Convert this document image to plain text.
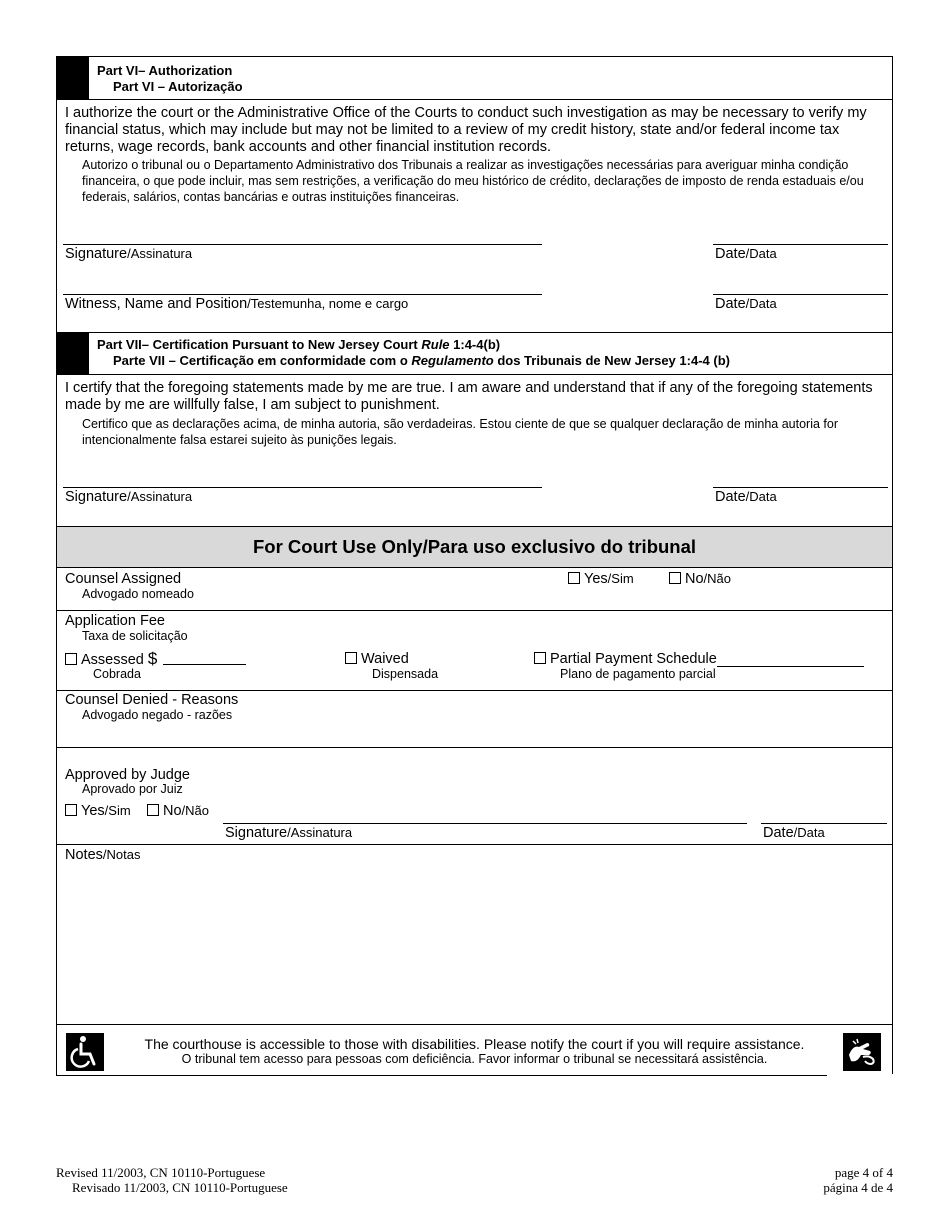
Part VI– Authorization
Part VI – Autorização
I authorize the court or the Administrative Office of the Courts to conduct such investigation as may be necessary to verify my financial status, which may include but may not be limited to a review of my credit history, state and/or federal income tax returns, wage records, bank accounts and other financial institution records.
Autorizo o tribunal ou o Departamento Administrativo dos Tribunais a realizar as investigações necessárias para averiguar minha condição financeira, o que pode incluir, mas sem restrições, a verificação do meu histórico de crédito, declarações de imposto de renda estaduais e/ou federais, salários, contas bancárias e outras instituições financeiras.
Signature/Assinatura	Date/Data
Witness, Name and Position/Testemunha, nome e cargo	Date/Data
Part VII– Certification Pursuant to New Jersey Court Rule 1:4-4(b)
Parte VII – Certificação em conformidade com o Regulamento dos Tribunais de New Jersey 1:4-4 (b)
I certify that the foregoing statements made by me are true. I am aware and understand that if any of the foregoing statements made by me are willfully false, I am subject to punishment.
Certifico que as declarações acima, de minha autoria, são verdadeiras. Estou ciente de que se qualquer declaração de minha autoria for intencionalmente falsa estarei sujeito às punições legais.
Signature/Assinatura	Date/Data
For Court Use Only/Para uso exclusivo do tribunal
Counsel Assigned
Advogado nomeado
Yes/Sim	No/Não
Application Fee
Taxa de solicitação
Assessed $
Cobrada
Waived
Dispensada
Partial Payment Schedule
Plano de pagamento parcial
Counsel Denied - Reasons
Advogado negado - razões
Approved by Judge
Aprovado por Juiz
Yes/Sim	No/Não
Signature/Assinatura	Date/Data
Notes/Notas
The courthouse is accessible to those with disabilities. Please notify the court if you will require assistance.
O tribunal tem acesso para pessoas com deficiência. Favor informar o tribunal se necessitará assistência.
Revised 11/2003, CN 10110-Portuguese
Revisado 11/2003, CN 10110-Portuguese
page 4 of 4
página 4 de 4
